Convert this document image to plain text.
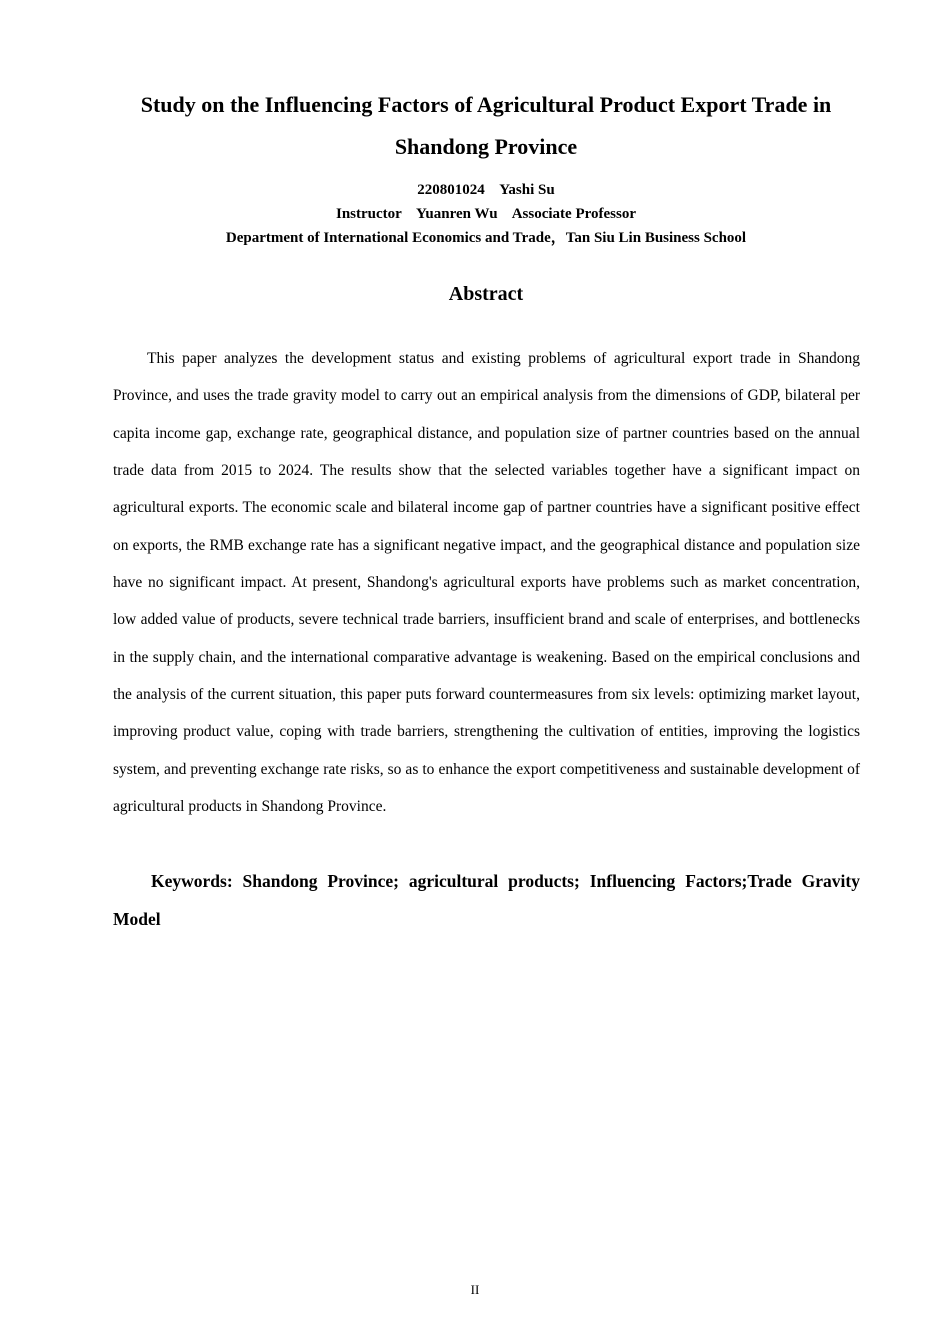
Study on the Influencing Factors of Agricultural Product Export Trade in Shandong Province
220801024    Yashi Su
Instructor    Yuanren Wu    Associate Professor
Department of International Economics and Trade，Tan Siu Lin Business School
Abstract

This paper analyzes the development status and existing problems of agricultural export trade in Shandong Province, and uses the trade gravity model to carry out an empirical analysis from the dimensions of GDP, bilateral per capita income gap, exchange rate, geographical distance, and population size of partner countries based on the annual trade data from 2015 to 2024. The results show that the selected variables together have a significant impact on agricultural exports. The economic scale and bilateral income gap of partner countries have a significant positive effect on exports, the RMB exchange rate has a significant negative impact, and the geographical distance and population size have no significant impact. At present, Shandong's agricultural exports have problems such as market concentration, low added value of products, severe technical trade barriers, insufficient brand and scale of enterprises, and bottlenecks in the supply chain, and the international comparative advantage is weakening. Based on the empirical conclusions and the analysis of the current situation, this paper puts forward countermeasures from six levels: optimizing market layout, improving product value, coping with trade barriers, strengthening the cultivation of entities, improving the logistics system, and preventing exchange rate risks, so as to enhance the export competitiveness and sustainable development of agricultural products in Shandong Province.

Keywords: Shandong Province; agricultural products; Influencing Factors;Trade Gravity Model

II
